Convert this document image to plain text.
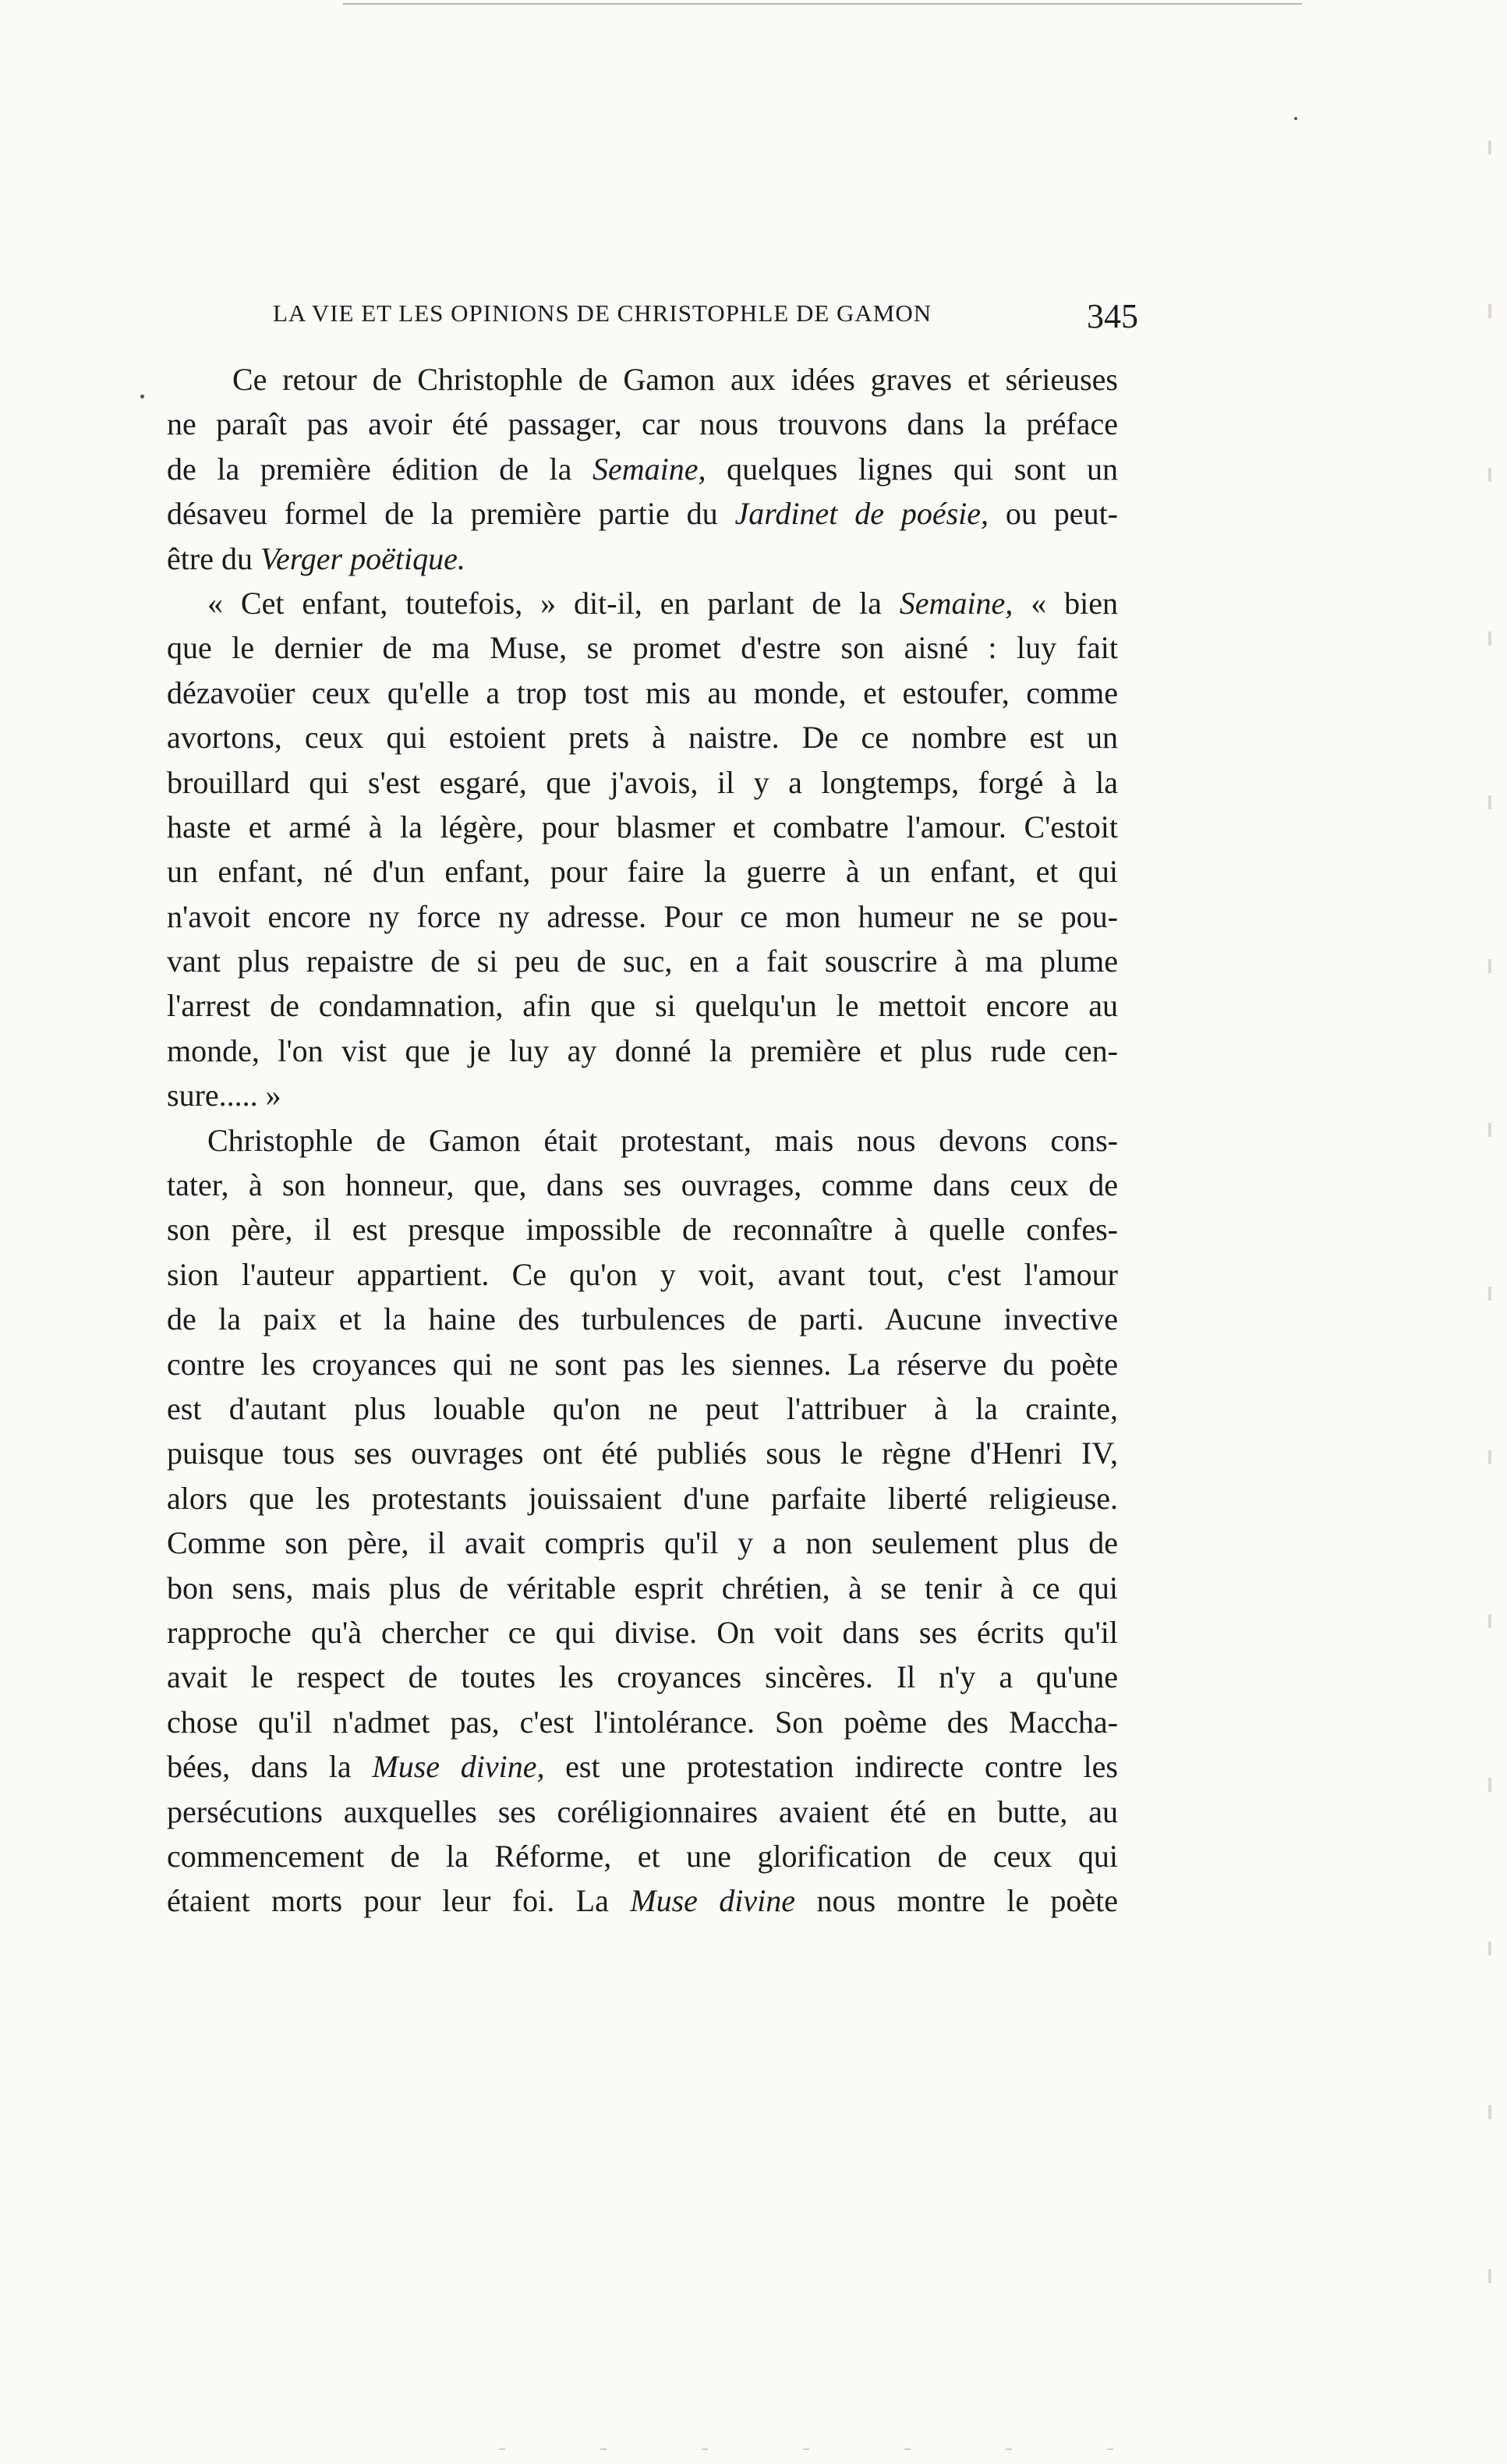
LA VIE ET LES OPINIONS DE CHRISTOPHLE DE GAMON	345
Ce retour de Christophle de Gamon aux idées graves et sérieuses
ne paraît pas avoir été passager, car nous trouvons dans la préface
de la première édition de la Semaine, quelques lignes qui sont un
désaveu formel de la première partie du Jardinet de poésie, ou peut-
être du Verger poëtique.
« Cet enfant, toutefois, » dit-il, en parlant de la Semaine, « bien
que le dernier de ma Muse, se promet d'estre son aisné : luy fait
dézavoüer ceux qu'elle a trop tost mis au monde, et estoufer, comme
avortons, ceux qui estoient prets à naistre. De ce nombre est un
brouillard qui s'est esgaré, que j'avois, il y a longtemps, forgé à la
haste et armé à la légère, pour blasmer et combatre l'amour. C'estoit
un enfant, né d'un enfant, pour faire la guerre à un enfant, et qui
n'avoit encore ny force ny adresse. Pour ce mon humeur ne se pou-
vant plus repaistre de si peu de suc, en a fait souscrire à ma plume
l'arrest de condamnation, afin que si quelqu'un le mettoit encore au
monde, l'on vist que je luy ay donné la première et plus rude cen-
sure..... »
Christophle de Gamon était protestant, mais nous devons cons-
tater, à son honneur, que, dans ses ouvrages, comme dans ceux de
son père, il est presque impossible de reconnaître à quelle confes-
sion l'auteur appartient. Ce qu'on y voit, avant tout, c'est l'amour
de la paix et la haine des turbulences de parti. Aucune invective
contre les croyances qui ne sont pas les siennes. La réserve du poète
est d'autant plus louable qu'on ne peut l'attribuer à la crainte,
puisque tous ses ouvrages ont été publiés sous le règne d'Henri IV,
alors que les protestants jouissaient d'une parfaite liberté religieuse.
Comme son père, il avait compris qu'il y a non seulement plus de
bon sens, mais plus de véritable esprit chrétien, à se tenir à ce qui
rapproche qu'à chercher ce qui divise. On voit dans ses écrits qu'il
avait le respect de toutes les croyances sincères. Il n'y a qu'une
chose qu'il n'admet pas, c'est l'intolérance. Son poème des Maccha-
bées, dans la Muse divine, est une protestation indirecte contre les
persécutions auxquelles ses coréligionnaires avaient été en butte, au
commencement de la Réforme, et une glorification de ceux qui
étaient morts pour leur foi. La Muse divine nous montre le poète
